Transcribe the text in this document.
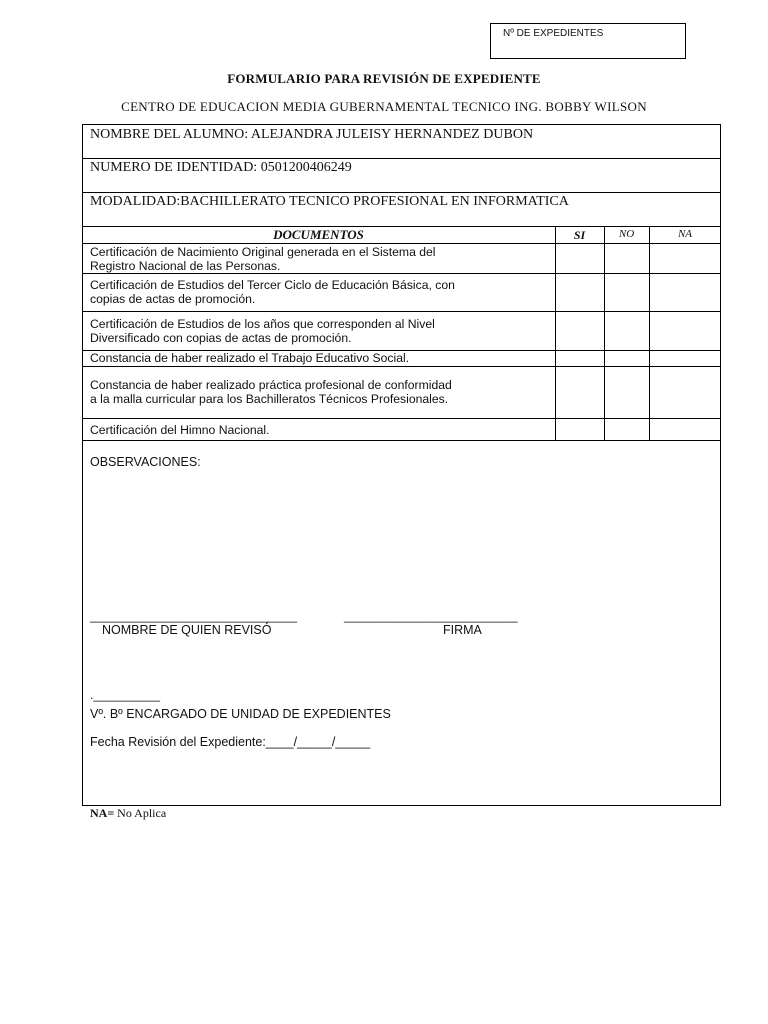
Nº DE EXPEDIENTES
FORMULARIO PARA REVISIÓN DE EXPEDIENTE
CENTRO DE EDUCACION MEDIA GUBERNAMENTAL TECNICO ING. BOBBY WILSON
NOMBRE DEL ALUMNO: ALEJANDRA JULEISY HERNANDEZ DUBON
NUMERO DE IDENTIDAD: 0501200406249
MODALIDAD:BACHILLERATO TECNICO PROFESIONAL EN INFORMATICA
DOCUMENTOS	SI	NO	NA
Certificación de Nacimiento Original generada en el Sistema del
Registro Nacional de las Personas.
Certificación de Estudios del Tercer Ciclo de Educación Básica, con
copias de actas de promoción.
Certificación de Estudios de los años que corresponden al Nivel
Diversificado con copias de actas de promoción.
Constancia de haber realizado el Trabajo Educativo Social.
Constancia de haber realizado práctica profesional de conformidad
a la malla curricular para los Bachilleratos Técnicos Profesionales.
Certificación del Himno Nacional.
OBSERVACIONES:
_______________________________
NOMBRE DE QUIEN REVISÓ
__________________________
FIRMA
.__________
Vº. Bº ENCARGADO DE UNIDAD DE EXPEDIENTES
Fecha Revisión del Expediente:____/_____/_____
NA= No Aplica
